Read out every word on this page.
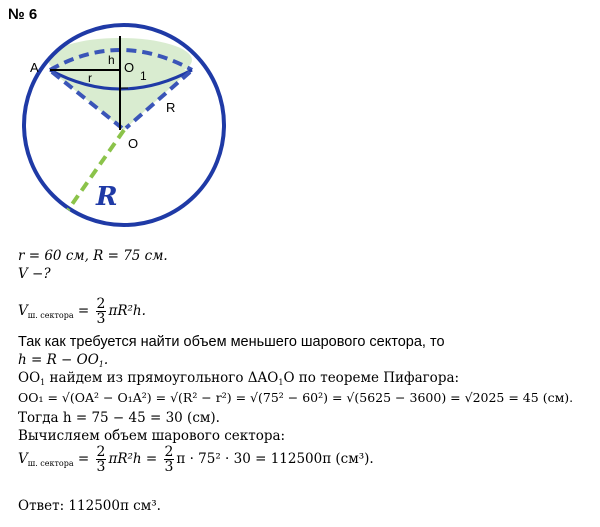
№ 6
A	h
r
O
1
R
O
R
r = 60 см, R = 75 см.
V −?
$V_{ш. сектора} = \frac{2}{3} \pi R^2h$.
Так как требуется найти объем меньшего шарового сектора, то
$h = R - OO_1$.
$OO_1$ найдем из прямоугольного $\Delta AO_1O$ по теореме Пифагора:
OO₁ = √(OA² − O₁A²) = √(R² − r²) = √(75² − 60²) = √(5625 − 3600) = √2025 = 45 (см).
Тогда h = 75 − 45 = 30 (см).
Вычисляем объем шарового сектора:
$V_{ш. сектора} = \frac{2}{3} \pi R^2h = \frac{2}{3}$ π · 75² · 30 = 112500π (см³).
Ответ: 112500π см³.
